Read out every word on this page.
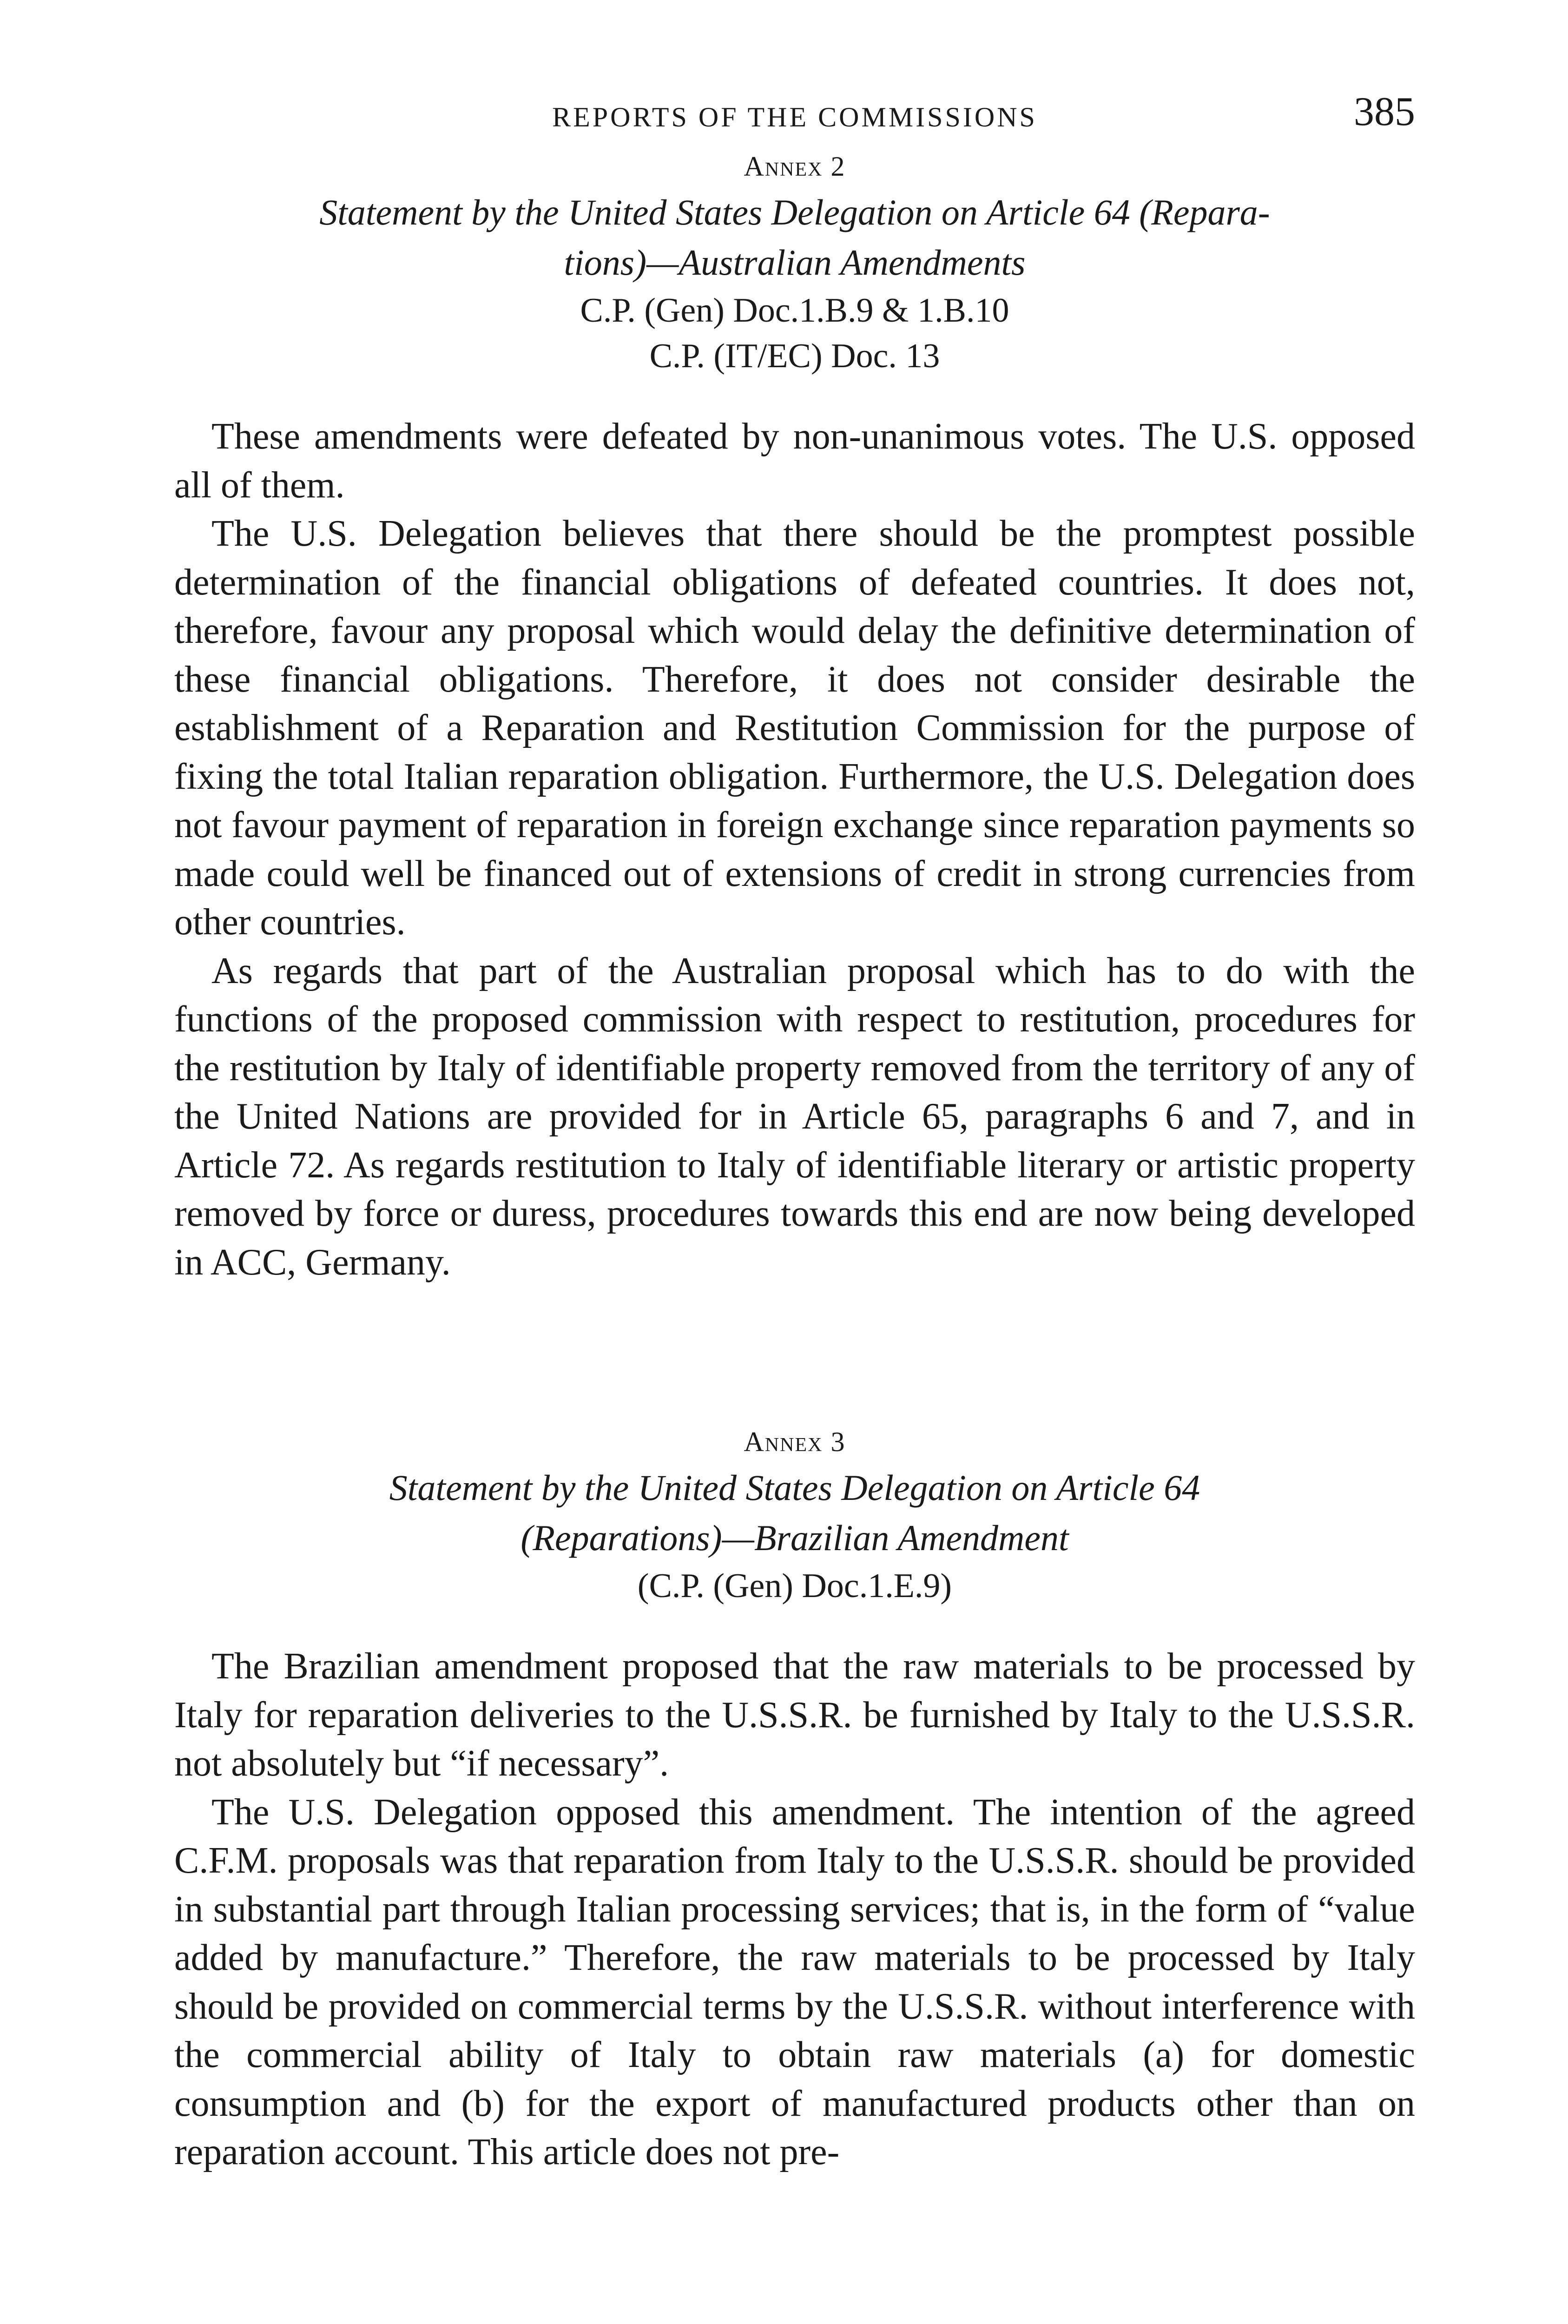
REPORTS OF THE COMMISSIONS	385
Annex 2

Statement by the United States Delegation on Article 64 (Repara-
tions)—Australian Amendments

C.P. (Gen) Doc.1.B.9 & 1.B.10

C.P. (IT/EC) Doc. 13

These amendments were defeated by non-unanimous votes. The U.S. opposed all of them.

The U.S. Delegation believes that there should be the promptest possible determination of the financial obligations of defeated countries. It does not, therefore, favour any proposal which would delay the definitive determination of these financial obligations. Therefore, it does not consider desirable the establishment of a Reparation and Restitution Commission for the purpose of fixing the total Italian reparation obligation. Furthermore, the U.S. Delegation does not favour payment of reparation in foreign exchange since reparation payments so made could well be financed out of extensions of credit in strong currencies from other countries.

As regards that part of the Australian proposal which has to do with the functions of the proposed commission with respect to restitution, procedures for the restitution by Italy of identifiable property removed from the territory of any of the United Nations are provided for in Article 65, paragraphs 6 and 7, and in Article 72. As regards restitution to Italy of identifiable literary or artistic property removed by force or duress, procedures towards this end are now being developed in ACC, Germany.

Annex 3

Statement by the United States Delegation on Article 64
(Reparations)—Brazilian Amendment

(C.P. (Gen) Doc.1.E.9)

The Brazilian amendment proposed that the raw materials to be processed by Italy for reparation deliveries to the U.S.S.R. be furnished by Italy to the U.S.S.R. not absolutely but “if necessary”.

The U.S. Delegation opposed this amendment. The intention of the agreed C.F.M. proposals was that reparation from Italy to the U.S.S.R. should be provided in substantial part through Italian processing services; that is, in the form of “value added by manufacture.” Therefore, the raw materials to be processed by Italy should be provided on commercial terms by the U.S.S.R. without interference with the commercial ability of Italy to obtain raw materials (a) for domestic consumption and (b) for the export of manufactured products other than on reparation account. This article does not pre-
